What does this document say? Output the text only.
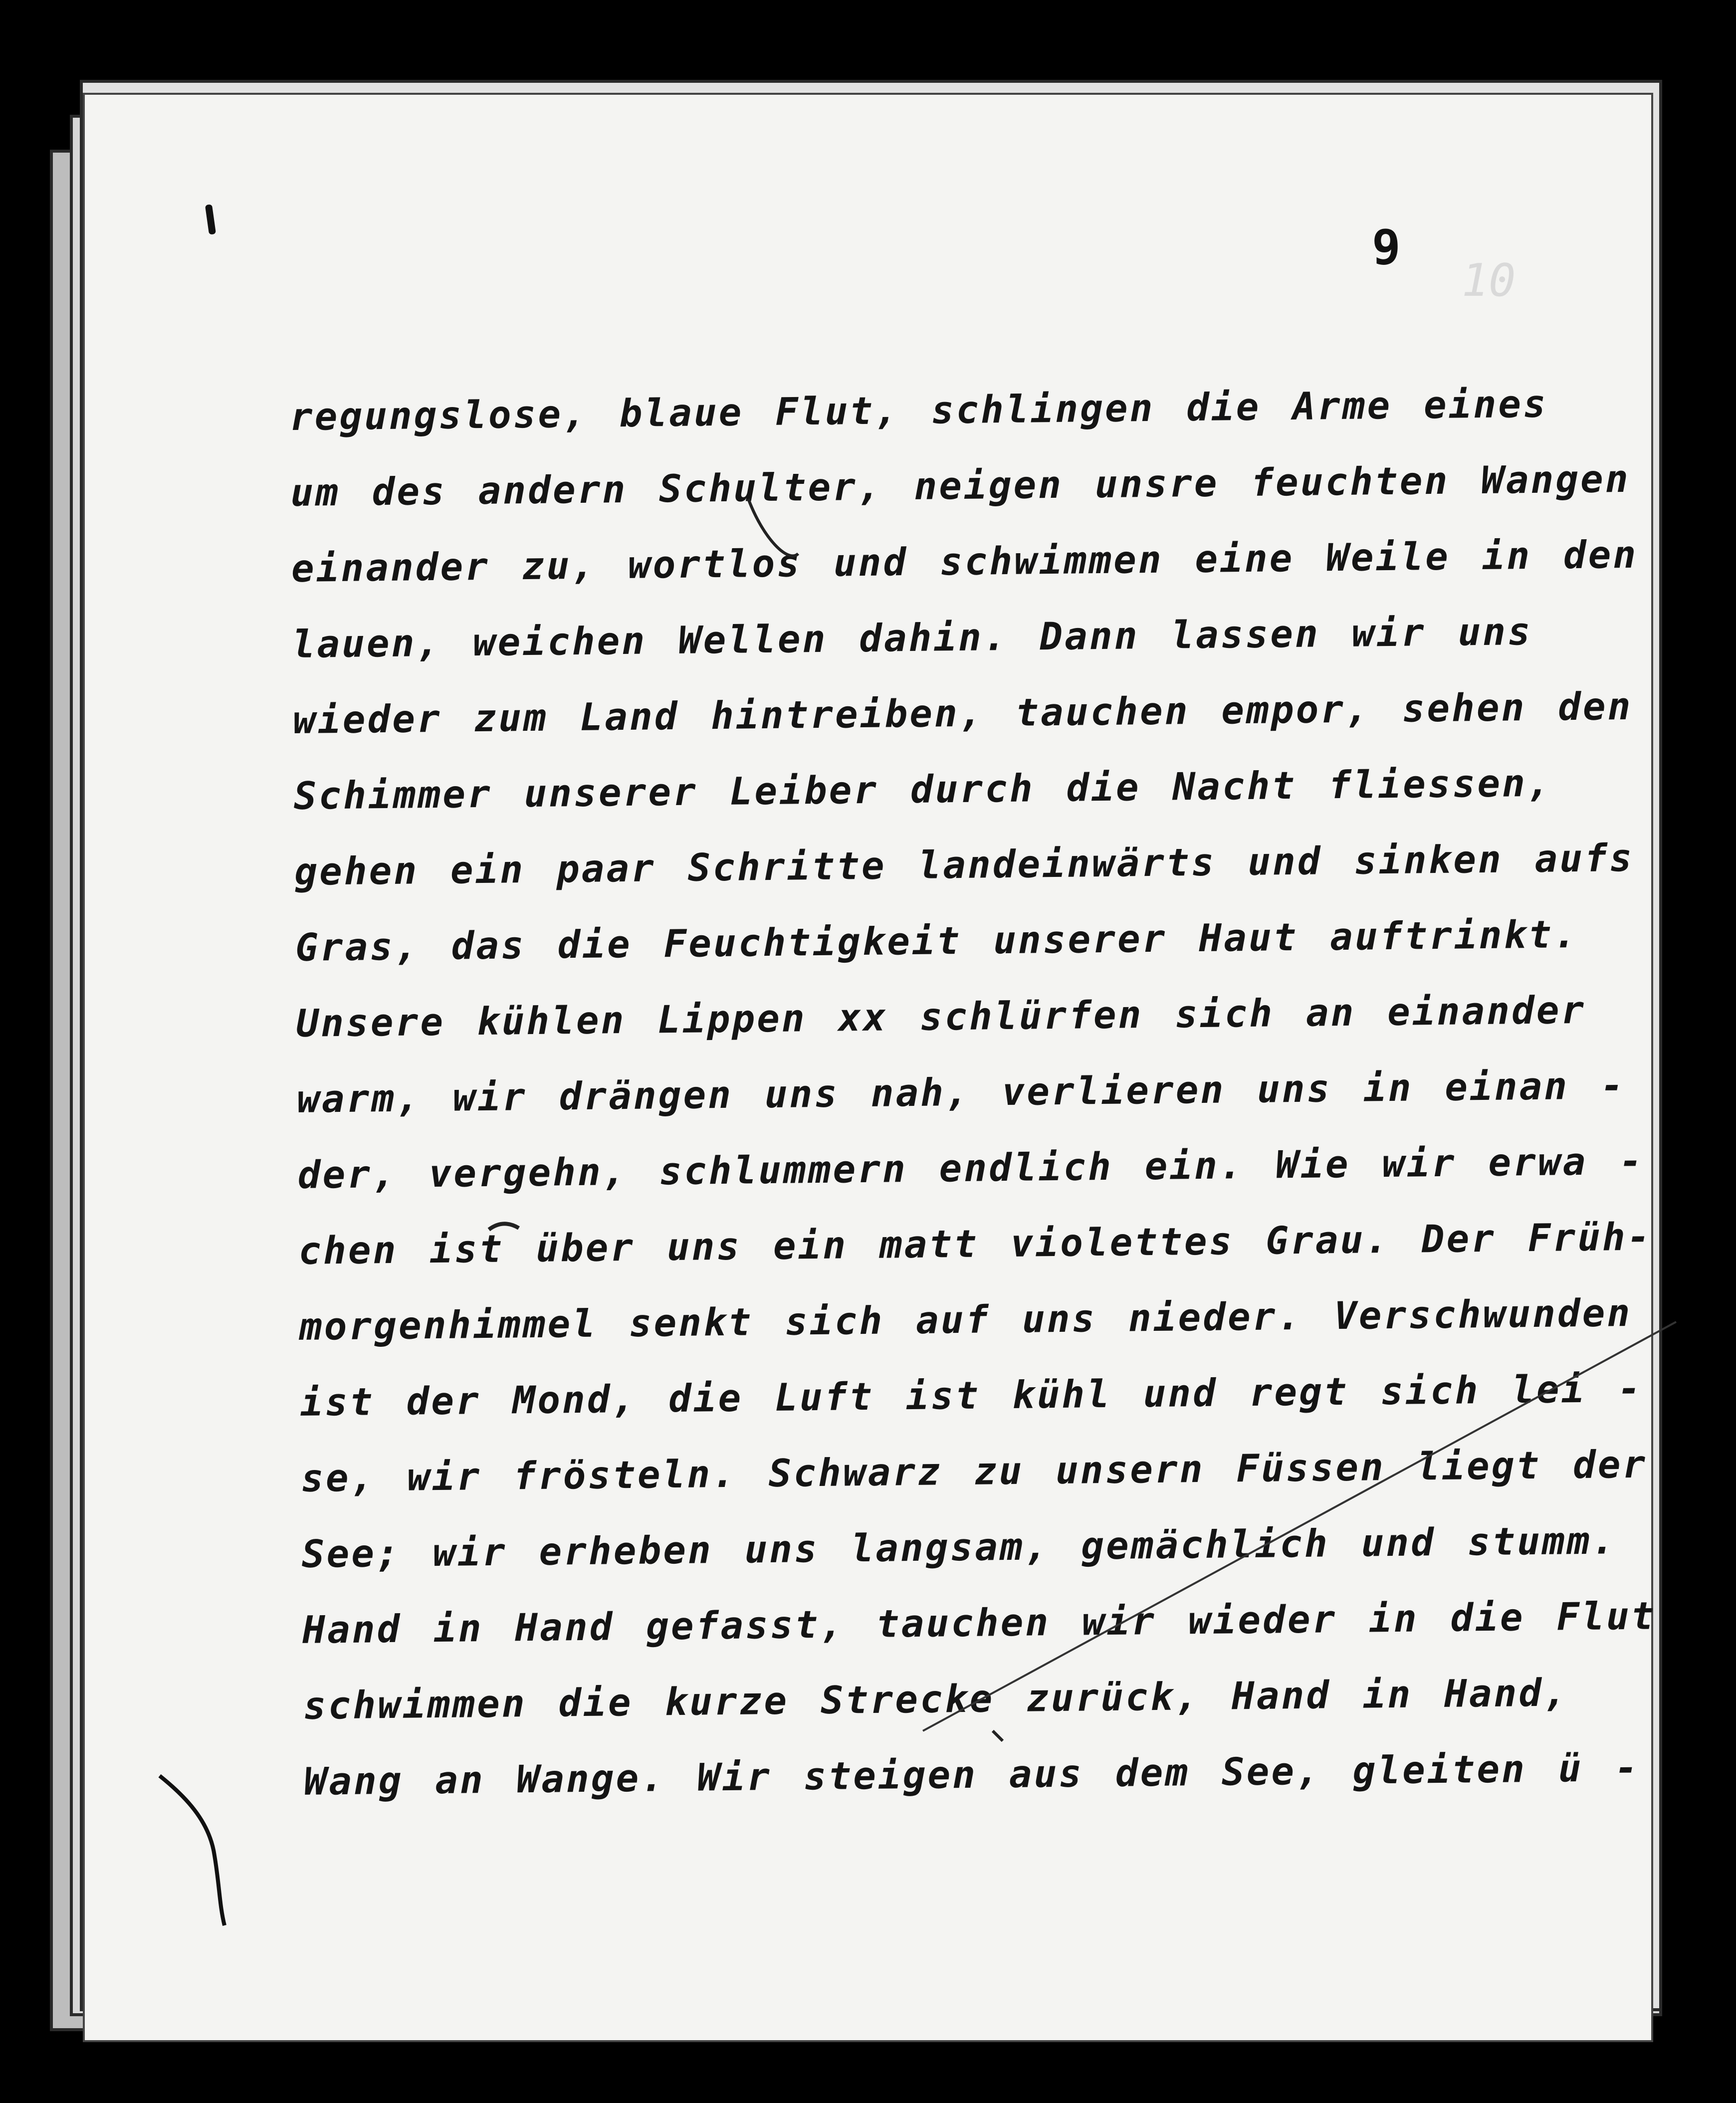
10
9
regungslose, blaue Flut, schlingen die Arme eines
um des andern Schulter, neigen unsre feuchten Wangen
einander zu, wortlos und schwimmen eine Weile in den
lauen, weichen Wellen dahin. Dann lassen wir uns
wieder zum Land hintreiben, tauchen empor, sehen den
Schimmer unserer Leiber durch die Nacht fliessen,
gehen ein paar Schritte landeinwärts und sinken aufs
Gras, das die Feuchtigkeit unserer Haut auftrinkt.
Unsere kühlen Lippen xx schlürfen sich an einander
warm, wir drängen uns nah, verlieren uns in einan -
der, vergehn, schlummern endlich ein. Wie wir erwa -
chen ist über uns ein matt violettes Grau. Der Früh-
morgenhimmel senkt sich auf uns nieder. Verschwunden
ist der Mond, die Luft ist kühl und regt sich lei -
se, wir frösteln. Schwarz zu unsern Füssen liegt der
See; wir erheben uns langsam, gemächlich und stumm.
Hand in Hand gefasst, tauchen wir wieder in die Flut
schwimmen die kurze Strecke zurück, Hand in Hand,
Wang an Wange. Wir steigen aus dem See, gleiten ü -
